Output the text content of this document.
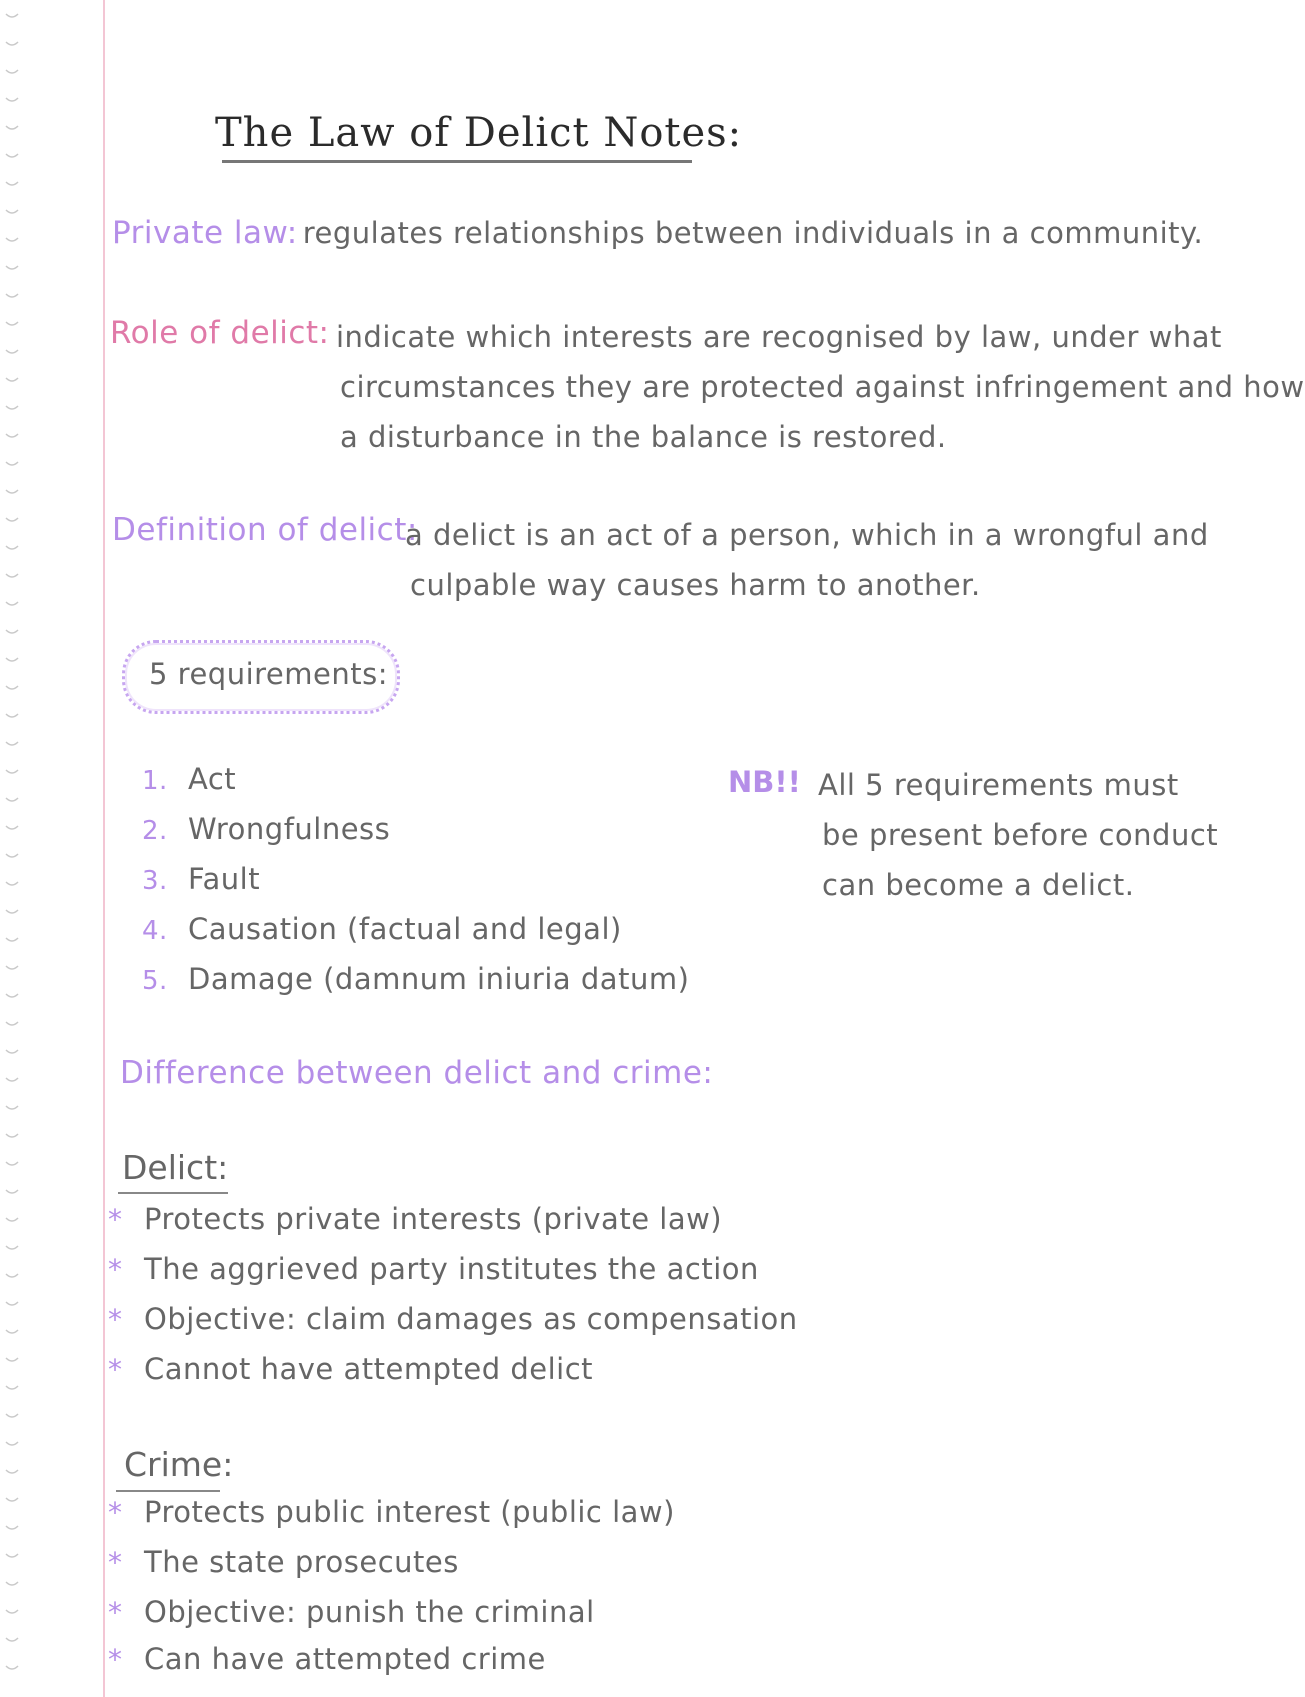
The Law of Delict Notes:
Private law: regulates relationships between individuals in a community.
Role of delict: indicate which interests are recognised by law, under what
circumstances they are protected against infringement and how
a disturbance in the balance is restored.
Definition of delict:
a delict is an act of a person, which in a wrongful and
culpable way causes harm to another.
5 requirements:
1. Act
2. Wrongfulness
3. Fault
4. Causation (factual and legal)
5. Damage (damnum iniuria datum)
NB!! All 5 requirements must
be present before conduct
can become a delict.
Difference between delict and crime:
Delict:
* Protects private interests (private law)
* The aggrieved party institutes the action
* Objective: claim damages as compensation
* Cannot have attempted delict
Crime:
* Protects public interest (public law)
* The state prosecutes
* Objective: punish the criminal
* Can have attempted crime
